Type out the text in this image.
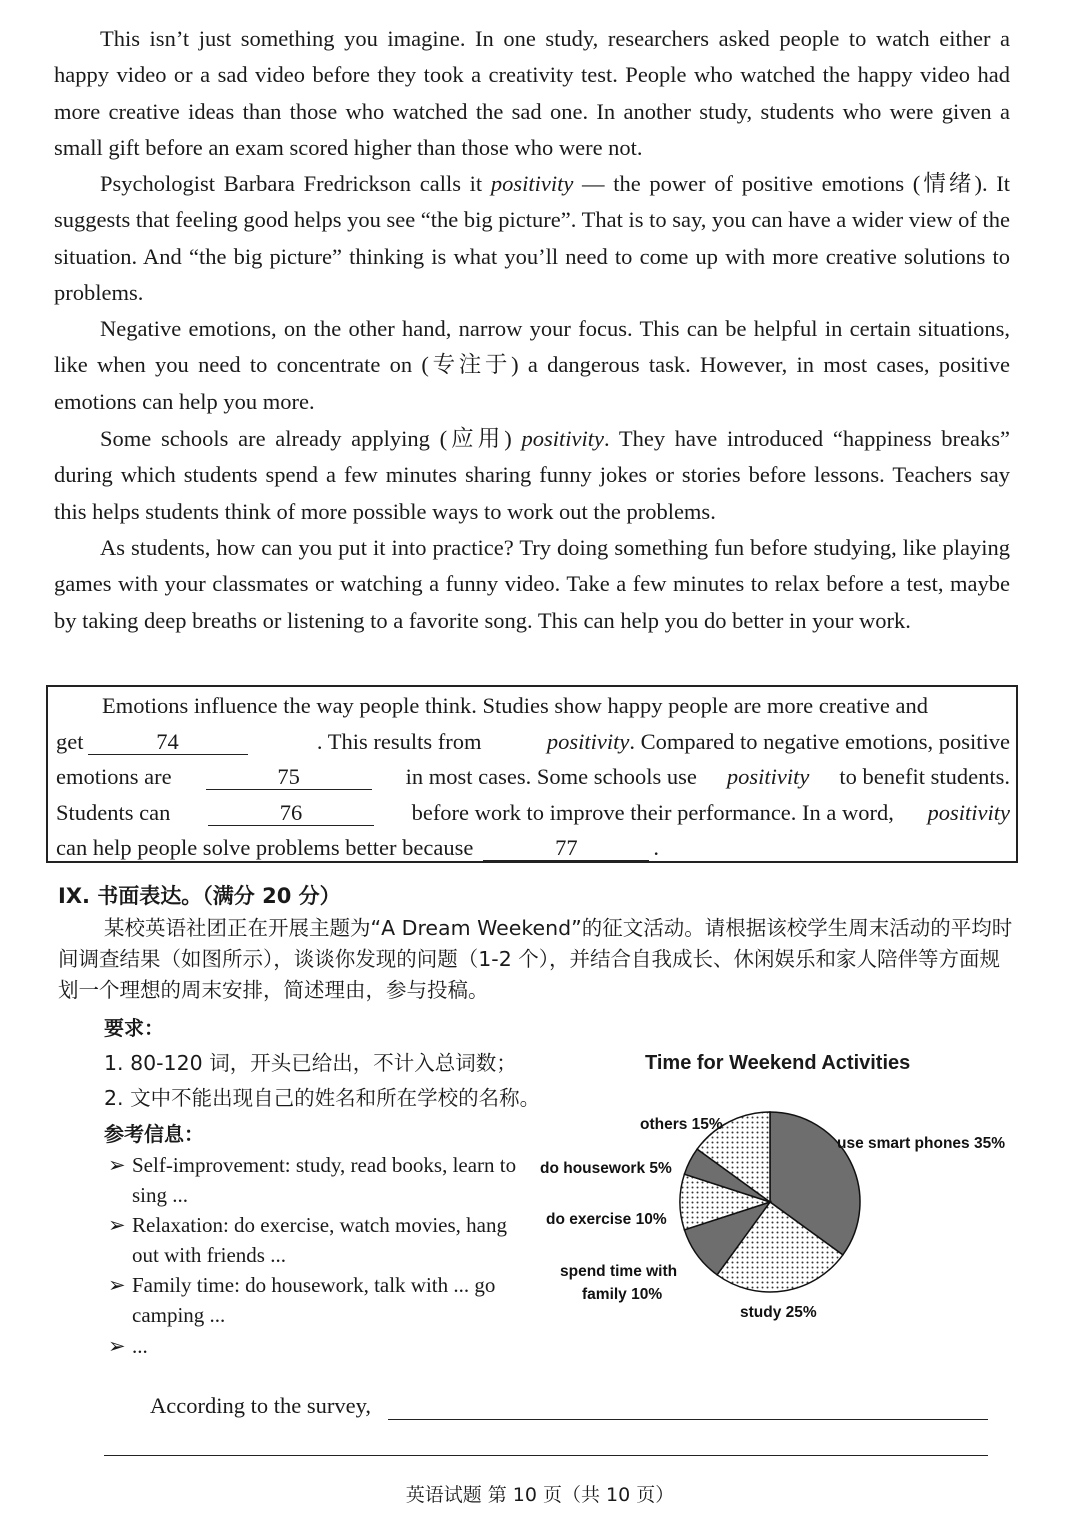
This isn’t just something you imagine. In one study, researchers asked people to watch either a happy video or a sad video before they took a creativity test. People who watched the happy video had more creative ideas than those who watched the sad one. In another study, students who were given a small gift before an exam scored higher than those who were not.

Psychologist Barbara Fredrickson calls it positivity — the power of positive emotions (情绪). It suggests that feeling good helps you see “the big picture”. That is to say, you can have a wider view of the situation. And “the big picture” thinking is what you’ll need to come up with more creative solutions to problems.

Negative emotions, on the other hand, narrow your focus. This can be helpful in certain situations, like when you need to concentrate on (专注于) a dangerous task. However, in most cases, positive emotions can help you more.

Some schools are already applying (应用) positivity. They have introduced “happiness breaks” during which students spend a few minutes sharing funny jokes or stories before lessons. Teachers say this helps students think of more possible ways to work out the problems.

As students, how can you put it into practice? Try doing something fun before studying, like playing games with your classmates or watching a funny video. Take a few minutes to relax before a test, maybe by taking deep breaths or listening to a favorite song. This can help you do better in your work.

Emotions influence the way people think. Studies show happy people are more creative and
get	74	. This results from	positivity. Compared to negative emotions, positive
emotions are	75	in most cases. Some schools use positivity to benefit students.
Students can	76	before work to improve their performance. In a word, positivity
can help people solve problems better because	77	.
IX. 书面表达。（满分 20 分）
某校英语社团正在开展主题为“A Dream Weekend”的征文活动。请根据该校学生周末活动的平均时间调查结果（如图所示），谈谈你发现的问题（1-2 个），并结合自我成长、休闲娱乐和家人陪伴等方面规划一个理想的周末安排，简述理由，参与投稿。
要求：
1. 80-120 词，开头已给出，不计入总词数；
2. 文中不能出现自己的姓名和所在学校的名称。
参考信息：
➢ Self-improvement: study, read books, learn to sing ...
➢ Relaxation: do exercise, watch movies, hang out with friends ...
➢ Family time: do housework, talk with ... go camping ...
➢ ...
Time for Weekend Activities
others 15%
use smart phones 35%
do housework 5%
do exercise 10%
spend time with
family 10%
study 25%
According to the survey,
英语试题 第 10 页（共 10 页）
